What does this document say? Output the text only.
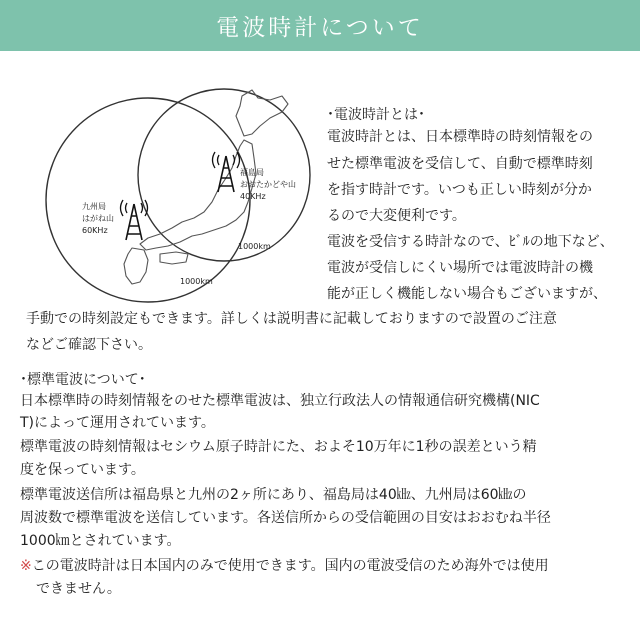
電波時計について
福島局
おおたかどや山
40KHz
1000km
九州局
はがね山
60KHz
1000km
･電波時計とは･
電波時計とは、日本標準時の時刻情報をの
せた標準電波を受信して、自動で標準時刻
を指す時計です。いつも正しい時刻が分か
るので大変便利です。
電波を受信する時計なので、ﾋﾞﾙの地下など、
電波が受信しにくい場所では電波時計の機
能が正しく機能しない場合もございますが、
手動での時刻設定もできます。詳しくは説明書に記載しておりますので設置のご注意
などご確認下さい。
･標準電波について･
日本標準時の時刻情報をのせた標準電波は、独立行政法人の情報通信研究機構(NIC
T)によって運用されています。
標準電波の時刻情報はセシウム原子時計にた、およそ10万年に1秒の誤差という精
度を保っています。
標準電波送信所は福島県と九州の2ヶ所にあり、福島局は40㎑、九州局は60㎑の
周波数で標準電波を送信しています。各送信所からの受信範囲の目安はおおむね半径
1000㎞とされています。
※この電波時計は日本国内のみで使用できます。国内の電波受信のため海外では使用
できません。
